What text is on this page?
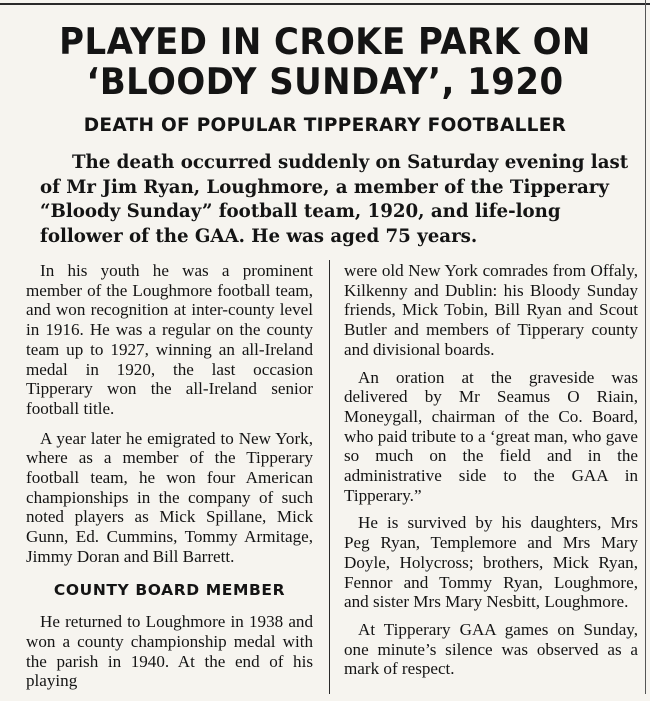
PLAYED IN CROKE PARK ON
‘BLOODY SUNDAY’, 1920
DEATH OF POPULAR TIPPERARY FOOTBALLER

The death occurred suddenly on Saturday evening last of Mr Jim Ryan, Loughmore, a member of the Tipperary “Bloody Sunday” football team, 1920, and life-long follower of the GAA. He was aged 75 years.

In his youth he was a prominent member of the Loughmore football team, and won recognition at inter-county level in 1916. He was a regular on the county team up to 1927, winning an all-Ireland medal in 1920, the last occasion Tipperary won the all-Ireland senior football title.

A year later he emigrated to New York, where as a member of the Tipperary football team, he won four American championships in the company of such noted players as Mick Spillane, Mick Gunn, Ed. Cummins, Tommy Armitage, Jimmy Doran and Bill Barrett.

COUNTY BOARD MEMBER

He returned to Loughmore in 1938 and won a county championship medal with the parish in 1940. At the end of his playing

were old New York comrades from Offaly, Kilkenny and Dublin: his Bloody Sunday friends, Mick Tobin, Bill Ryan and Scout Butler and members of Tipperary county and divisional boards.

An oration at the graveside was delivered by Mr Seamus O Riain, Moneygall, chairman of the Co. Board, who paid tribute to a ‘great man, who gave so much on the field and in the administrative side to the GAA in Tipperary.”

He is survived by his daughters, Mrs Peg Ryan, Templemore and Mrs Mary Doyle, Holycross; brothers, Mick Ryan, Fennor and Tommy Ryan, Loughmore, and sister Mrs Mary Nesbitt, Loughmore.

At Tipperary GAA games on Sunday, one minute’s silence was observed as a mark of respect.
